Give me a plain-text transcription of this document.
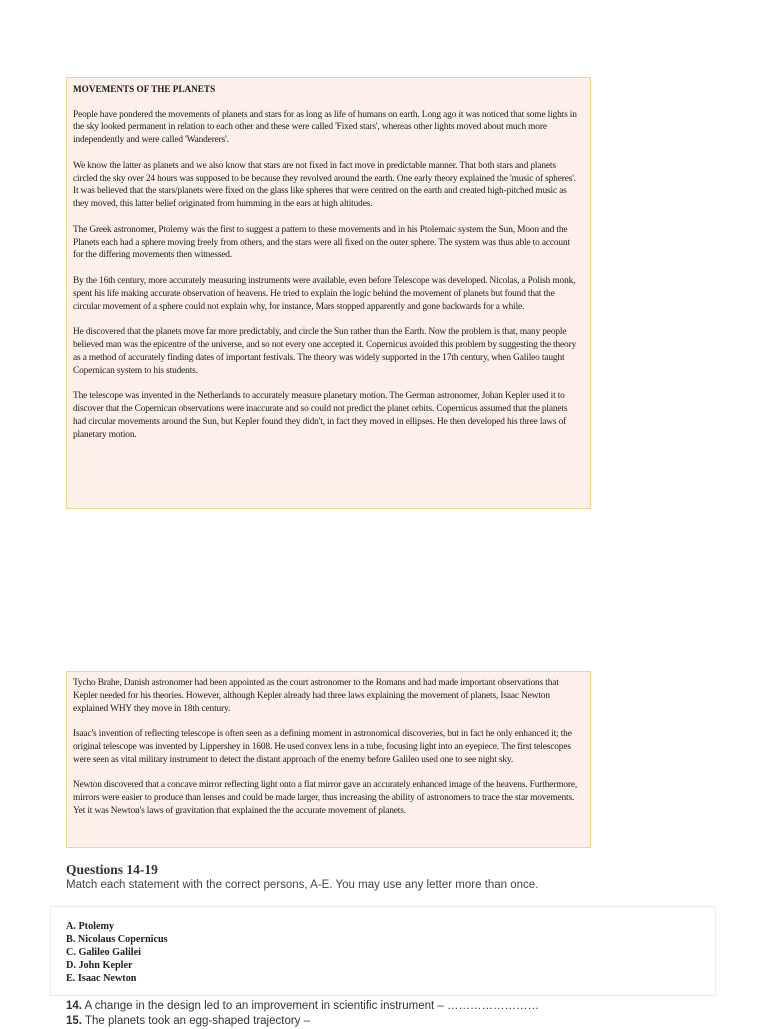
MOVEMENTS OF THE PLANETS

People have pondered the movements of planets and stars for as long as life of humans on earth. Long ago it was noticed that some lights in the sky looked permanent in relation to each other and these were called 'Fixed stars', whereas other lights moved about much more independently and were called 'Wanderers'.

We know the latter as planets and we also know that stars are not fixed in fact move in predictable manner. That both stars and planets circled the sky over 24 hours was supposed to be because they revolved around the earth. One early theory explained the 'music of spheres'. It was believed that the stars/planets were fixed on the glass like spheres that were centred on the earth and created high-pitched music as they moved, this latter belief originated from humming in the ears at high altitudes.

The Greek astronomer, Ptolemy was the first to suggest a pattern to these movements and in his Ptolemaic system the Sun, Moon and the Planets each had a sphere moving freely from others, and the stars were all fixed on the outer sphere. The system was thus able to account for the differing movements then witnessed.

By the 16th century, more accurately measuring instruments were available, even before Telescope was developed. Nicolas, a Polish monk, spent his life making accurate observation of heavens. He tried to explain the logic behind the movement of planets but found that the circular movement of a sphere could not explain why, for instance, Mars stopped apparently and gone backwards for a while.

He discovered that the planets move far more predictably, and circle the Sun rather than the Earth. Now the problem is that, many people believed man was the epicentre of the universe, and so not every one accepted it. Copernicus avoided this problem by suggesting the theory as a method of accurately finding dates of important festivals. The theory was widely supported in the 17th century, when Galileo taught Copernican system to his students.

The telescope was invented in the Netherlands to accurately measure planetary motion. The German astronomer, Johan Kepler used it to discover that the Copernican observations were inaccurate and so could not predict the planet orbits. Copernicus assumed that the planets had circular movements around the Sun, but Kepler found they didn't, in fact they moved in ellipses. He then developed his three laws of planetary motion.

Tycho Brahe, Danish astronomer had been appointed as the court astronomer to the Romans and had made important observations that Kepler needed for his theories. However, although Kepler already had three laws explaining the movement of planets, Isaac Newton explained WHY they move in 18th century.

Isaac's invention of reflecting telescope is often seen as a defining moment in astronomical discoveries, but in fact he only enhanced it; the original telescope was invented by Lippershey in 1608. He used convex lens in a tube, focusing light into an eyepiece. The first telescopes were seen as vital military instrument to detect the distant approach of the enemy before Galileo used one to see night sky.

Newton discovered that a concave mirror reflecting light onto a flat mirror gave an accurately enhanced image of the heavens. Furthermore, mirrors were easier to produce than lenses and could be made larger, thus increasing the ability of astronomers to trace the star movements. Yet it was Newton's laws of gravitation that explained the the accurate movement of planets.

Questions 14-19

Match each statement with the correct persons, A-E. You may use any letter more than once.

A. Ptolemy
B. Nicolaus Copernicus
C. Galileo Galilei
D. John Kepler
E. Isaac Newton
14. A change in the design led to an improvement in scientific instrument – ……………………
15. The planets took an egg-shaped trajectory –
